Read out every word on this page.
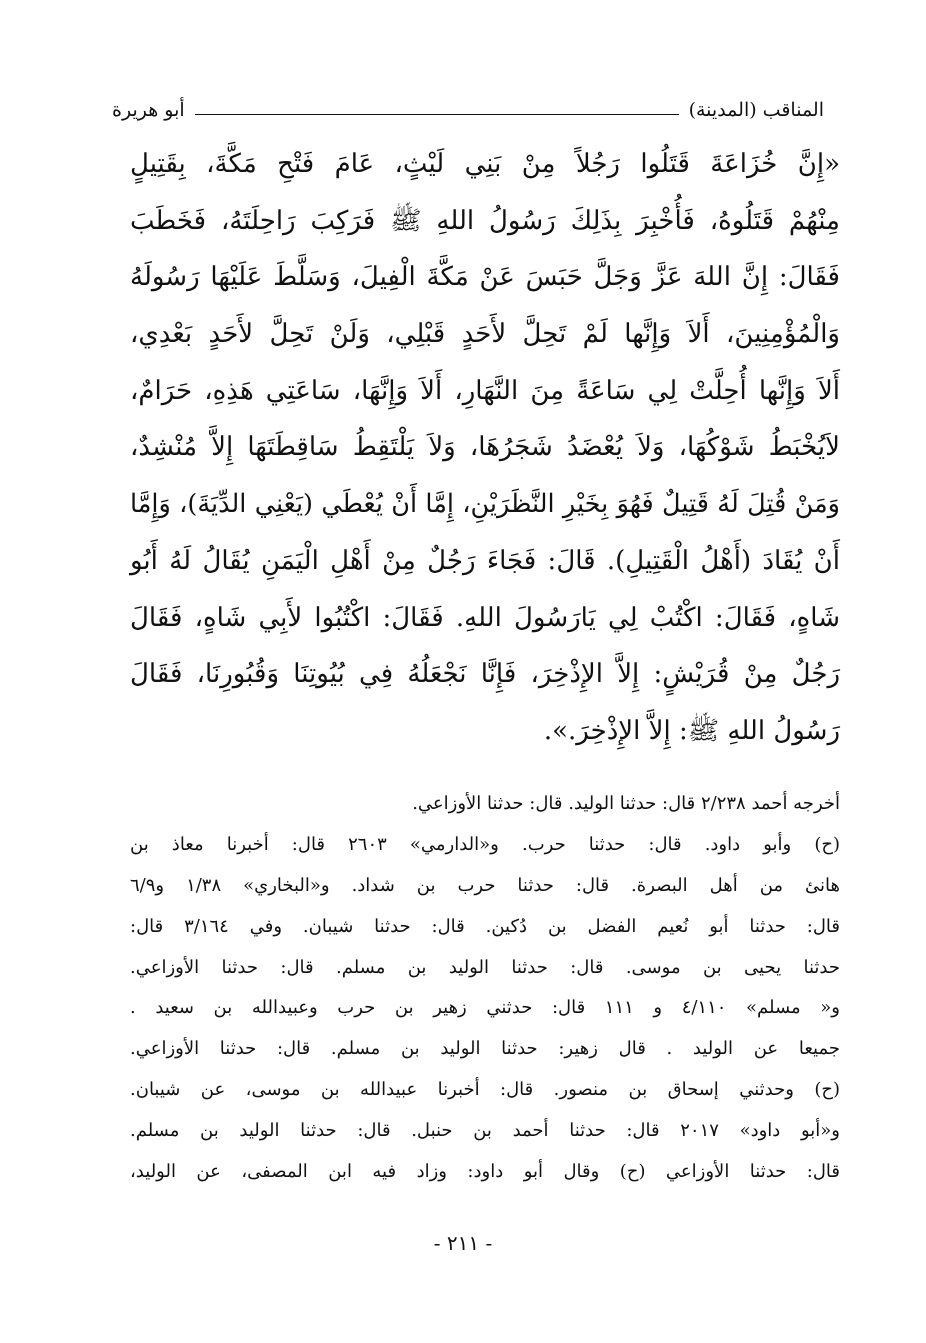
المناقب (المدينة)
أبو هريرة
«إِنَّ خُزَاعَةَ قَتَلُوا رَجُلاً مِنْ بَنِي لَيْثٍ، عَامَ فَتْحِ مَكَّةَ، بِقَتِيلٍ
مِنْهُمْ قَتَلُوهُ، فَأُخْبِرَ بِذَلِكَ رَسُولُ اللهِ ﷺ فَرَكِبَ رَاحِلَتَهُ، فَخَطَبَ
فَقَالَ: إِنَّ اللهَ عَزَّ وَجَلَّ حَبَسَ عَنْ مَكَّةَ الْفِيلَ، وَسَلَّطَ عَلَيْهَا رَسُولَهُ
وَالْمُؤْمِنِينَ، أَلاَ وَإِنَّها لَمْ تَحِلَّ لأَحَدٍ قَبْلِي، وَلَنْ تَحِلَّ لأَحَدٍ بَعْدِي،
أَلاَ وَإِنَّها أُحِلَّتْ لِي سَاعَةً مِنَ النَّهَارِ، أَلاَ وَإِنَّهَا، سَاعَتِي هَذِهِ، حَرَامٌ،
لاَيُخْبَطُ شَوْكُهَا، وَلاَ يُعْضَدُ شَجَرُهَا، وَلاَ يَلْتَقِطُ سَاقِطَتَهَا إِلاَّ مُنْشِدٌ،
وَمَنْ قُتِلَ لَهُ قَتِيلٌ فَهُوَ بِخَيْرِ النَّظَرَيْنِ، إِمَّا أَنْ يُعْطَي (يَعْنِي الدِّيَةَ)، وَإِمَّا
أَنْ يُقَادَ (أَهْلُ الْقَتِيلِ). قَالَ: فَجَاءَ رَجُلٌ مِنْ أَهْلِ الْيَمَنِ يُقَالُ لَهُ أَبُو
شَاهٍ، فَقَالَ: اكْتُبْ لِي يَارَسُولَ اللهِ. فَقَالَ: اكْتُبُوا لأَبِي شَاهٍ، فَقَالَ
رَجُلٌ مِنْ قُرَيْشٍ: إِلاَّ الإِذْخِرَ، فَإِنَّا نَجْعَلُهُ فِي بُيُوتِنَا وَقُبُورِنَا، فَقَالَ
رَسُولُ اللهِ ﷺ: إِلاَّ الإِذْخِرَ.».
أخرجه أحمد ٢/٢٣٨ قال: حدثنا الوليد. قال: حدثنا الأوزاعي.
(ح) وأبو داود. قال: حدثنا حرب. و«الدارمي» ٢٦٠٣ قال: أخبرنا معاذ بن
هانئ من أهل البصرة. قال: حدثنا حرب بن شداد. و«البخاري» ١/٣٨ و٦/٩
قال: حدثنا أبو نُعيم الفضل بن دُكين. قال: حدثنا شيبان. وفي ٣/١٦٤ قال:
حدثنا يحيى بن موسى. قال: حدثنا الوليد بن مسلم. قال: حدثنا الأوزاعي.
و« مسلم» ٤/١١٠ و ١١١ قال: حدثني زهير بن حرب وعبيدالله بن سعيد .
جميعا عن الوليد . قال زهير: حدثنا الوليد بن مسلم. قال: حدثنا الأوزاعي.
(ح) وحدثني إسحاق بن منصور. قال: أخبرنا عبيدالله بن موسى، عن شيبان.
و«أبو داود» ٢٠١٧ قال: حدثنا أحمد بن حنبل. قال: حدثنا الوليد بن مسلم.
قال: حدثنا الأوزاعي (ح) وقال أبو داود: وزاد فيه ابن المصفى، عن الوليد،
- ٢١١ -
